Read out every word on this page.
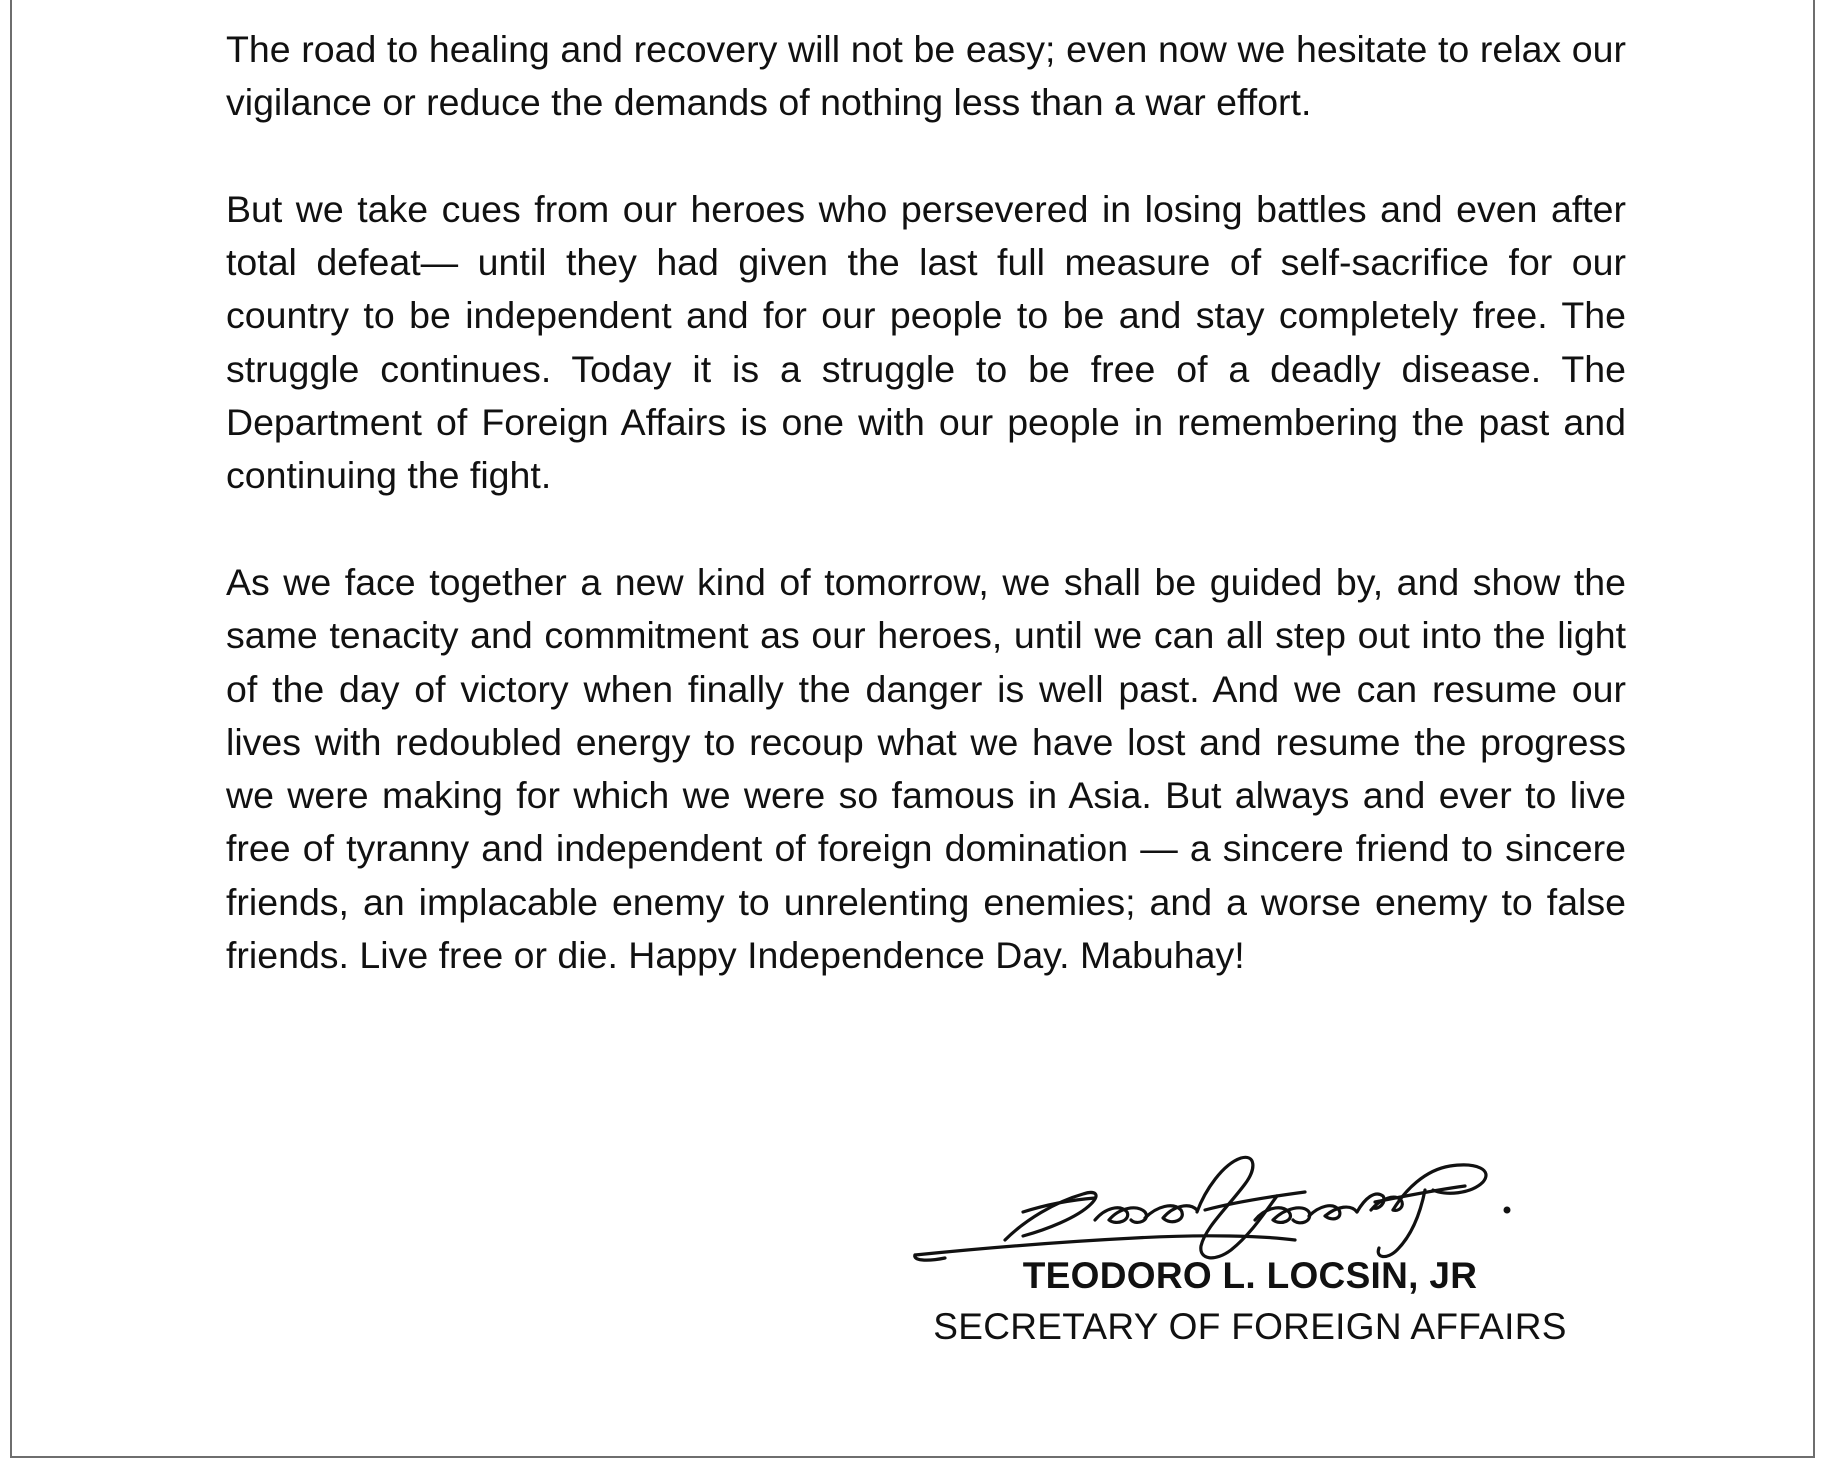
The road to healing and recovery will not be easy; even now we hesitate to relax our vigilance or reduce the demands of nothing less than a war effort.

But we take cues from our heroes who persevered in losing battles and even after total defeat— until they had given the last full measure of self-sacrifice for our country to be independent and for our people to be and stay completely free. The struggle continues. Today it is a struggle to be free of a deadly disease. The Department of Foreign Affairs is one with our people in remembering the past and continuing the fight.

As we face together a new kind of tomorrow, we shall be guided by, and show the same tenacity and commitment as our heroes, until we can all step out into the light of the day of victory when finally the danger is well past. And we can resume our lives with redoubled energy to recoup what we have lost and resume the progress we were making for which we were so famous in Asia. But always and ever to live free of tyranny and independent of foreign domination — a sincere friend to sincere friends, an implacable enemy to unrelenting enemies; and a worse enemy to false friends. Live free or die. Happy Independence Day. Mabuhay!

TEODORO L. LOCSIN, JR
SECRETARY OF FOREIGN AFFAIRS
